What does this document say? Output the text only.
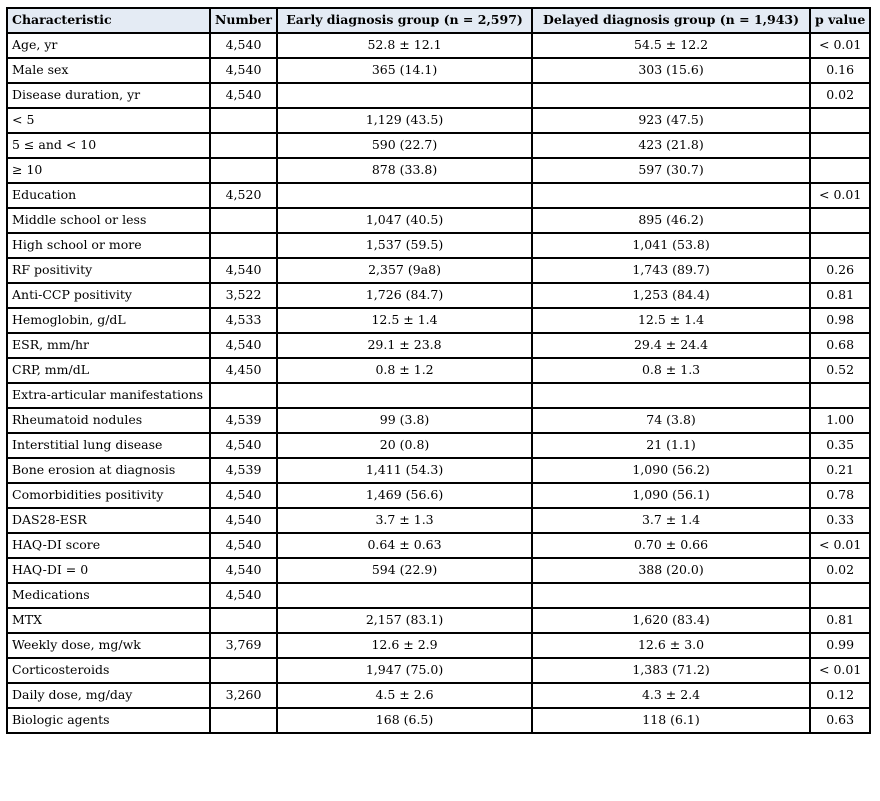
Characteristic	Number	Early diagnosis group (n = 2,597)	Delayed diagnosis group (n = 1,943)	p value
Age, yr	4,540	52.8 ± 12.1	54.5 ± 12.2	< 0.01
Male sex	4,540	365 (14.1)	303 (15.6)	0.16
Disease duration, yr	4,540			0.02
< 5		1,129 (43.5)	923 (47.5)	
5 ≤ and < 10		590 (22.7)	423 (21.8)	
≥ 10		878 (33.8)	597 (30.7)	
Education	4,520			< 0.01
Middle school or less		1,047 (40.5)	895 (46.2)	
High school or more		1,537 (59.5)	1,041 (53.8)	
RF positivity	4,540	2,357 (9a8)	1,743 (89.7)	0.26
Anti-CCP positivity	3,522	1,726 (84.7)	1,253 (84.4)	0.81
Hemoglobin, g/dL	4,533	12.5 ± 1.4	12.5 ± 1.4	0.98
ESR, mm/hr	4,540	29.1 ± 23.8	29.4 ± 24.4	0.68
CRP, mm/dL	4,450	0.8 ± 1.2	0.8 ± 1.3	0.52
Extra-articular manifestations				
Rheumatoid nodules	4,539	99 (3.8)	74 (3.8)	1.00
Interstitial lung disease	4,540	20 (0.8)	21 (1.1)	0.35
Bone erosion at diagnosis	4,539	1,411 (54.3)	1,090 (56.2)	0.21
Comorbidities positivity	4,540	1,469 (56.6)	1,090 (56.1)	0.78
DAS28-ESR	4,540	3.7 ± 1.3	3.7 ± 1.4	0.33
HAQ-DI score	4,540	0.64 ± 0.63	0.70 ± 0.66	< 0.01
HAQ-DI = 0	4,540	594 (22.9)	388 (20.0)	0.02
Medications	4,540			
MTX		2,157 (83.1)	1,620 (83.4)	0.81
Weekly dose, mg/wk	3,769	12.6 ± 2.9	12.6 ± 3.0	0.99
Corticosteroids		1,947 (75.0)	1,383 (71.2)	< 0.01
Daily dose, mg/day	3,260	4.5 ± 2.6	4.3 ± 2.4	0.12
Biologic agents		168 (6.5)	118 (6.1)	0.63
